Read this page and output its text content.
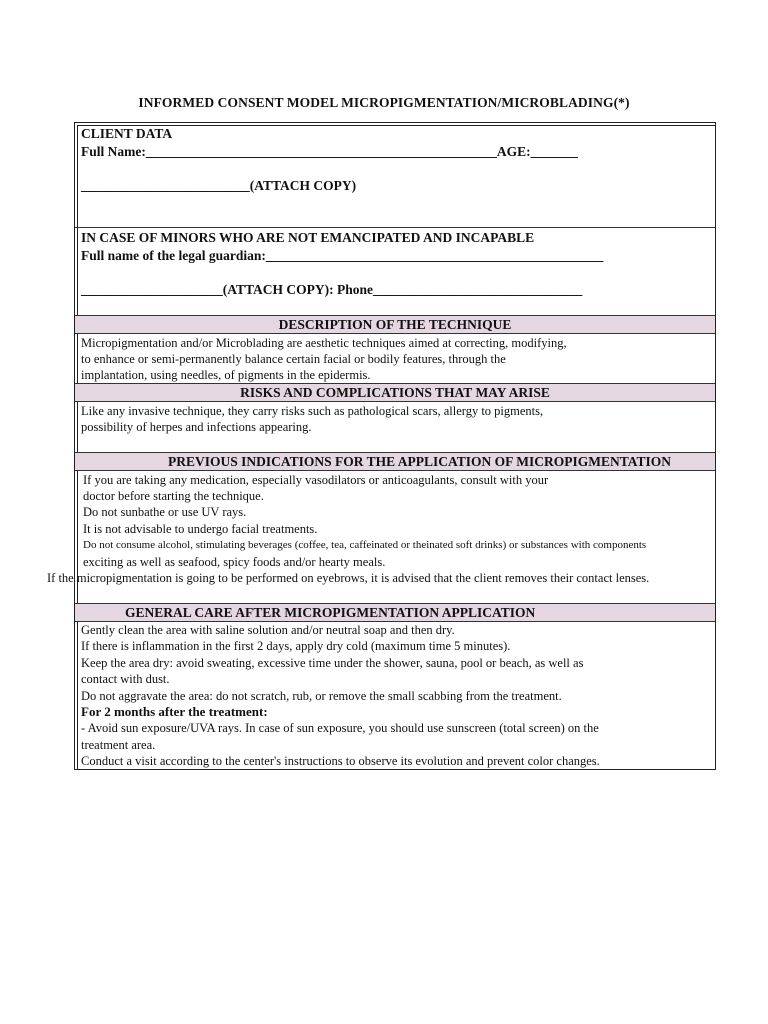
INFORMED CONSENT MODEL MICROPIGMENTATION/MICROBLADING(*)
CLIENT DATA
Full Name:____________________________________________________AGE:_______
_________________________(ATTACH COPY)
IN CASE OF MINORS WHO ARE NOT EMANCIPATED AND INCAPABLE
Full name of the legal guardian:__________________________________________________
_____________________(ATTACH COPY): Phone_______________________________
DESCRIPTION OF THE TECHNIQUE
Micropigmentation and/or Microblading are aesthetic techniques aimed at correcting, modifying,
to enhance or semi-permanently balance certain facial or bodily features, through the
implantation, using needles, of pigments in the epidermis.
RISKS AND COMPLICATIONS THAT MAY ARISE
Like any invasive technique, they carry risks such as pathological scars, allergy to pigments,
possibility of herpes and infections appearing.
PREVIOUS INDICATIONS FOR THE APPLICATION OF MICROPIGMENTATION
If you are taking any medication, especially vasodilators or anticoagulants, consult with your
doctor before starting the technique.
Do not sunbathe or use UV rays.
It is not advisable to undergo facial treatments.
Do not consume alcohol, stimulating beverages (coffee, tea, caffeinated or theinated soft drinks) or substances with components
exciting as well as seafood, spicy foods and/or hearty meals.
If the micropigmentation is going to be performed on eyebrows, it is advised that the client removes their contact lenses.
GENERAL CARE AFTER MICROPIGMENTATION APPLICATION
Gently clean the area with saline solution and/or neutral soap and then dry.
If there is inflammation in the first 2 days, apply dry cold (maximum time 5 minutes).
Keep the area dry: avoid sweating, excessive time under the shower, sauna, pool or beach, as well as
contact with dust.
Do not aggravate the area: do not scratch, rub, or remove the small scabbing from the treatment.
For 2 months after the treatment:
- Avoid sun exposure/UVA rays. In case of sun exposure, you should use sunscreen (total screen) on the
treatment area.
Conduct a visit according to the center's instructions to observe its evolution and prevent color changes.
